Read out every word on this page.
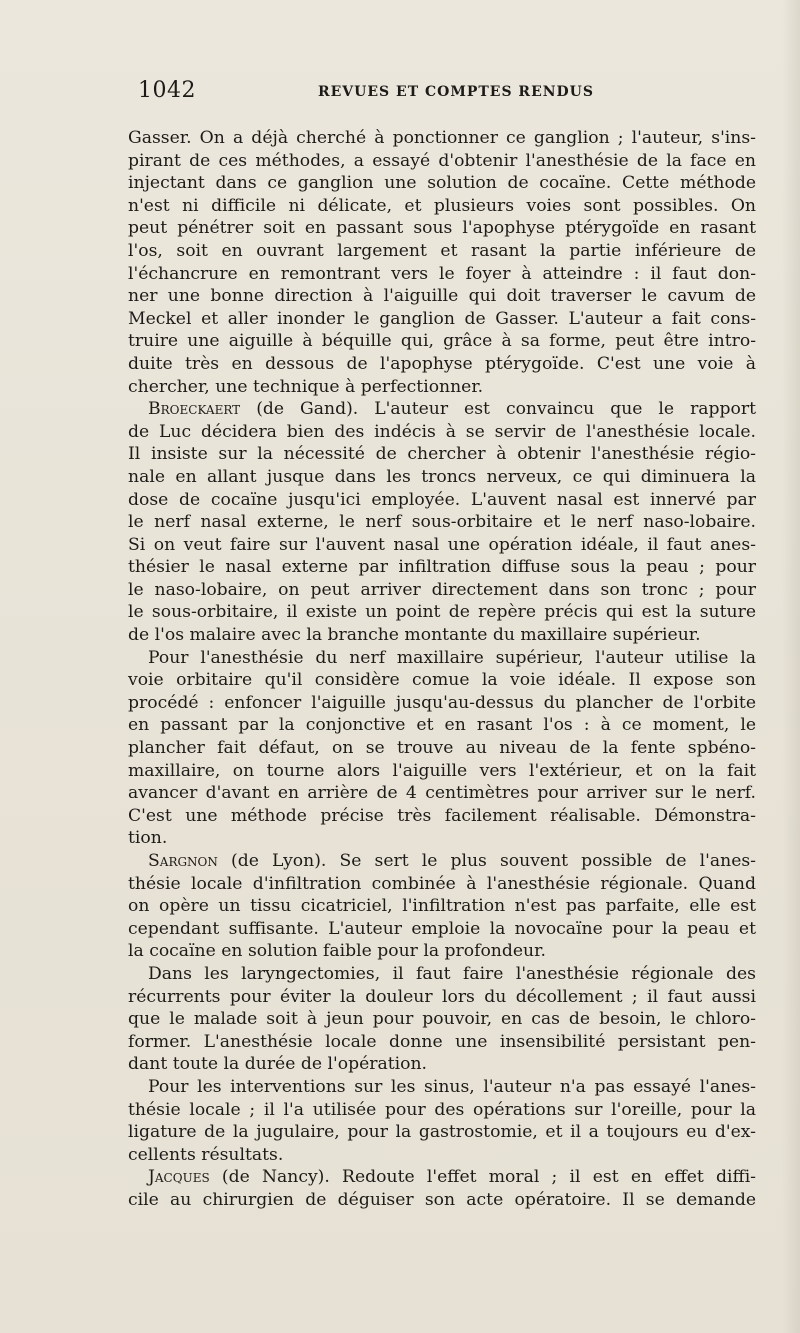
1042	REVUES ET COMPTES RENDUS
Gasser. On a déjà cherché à ponctionner ce ganglion ; l'auteur, s'ins-
pirant de ces méthodes, a essayé d'obtenir l'anesthésie de la face en
injectant dans ce ganglion une solution de cocaïne. Cette méthode
n'est ni difficile ni délicate, et plusieurs voies sont possibles. On
peut pénétrer soit en passant sous l'apophyse ptérygoïde en rasant
l'os, soit en ouvrant largement et rasant la partie inférieure de
l'échancrure en remontrant vers le foyer à atteindre : il faut don-
ner une bonne direction à l'aiguille qui doit traverser le cavum de
Meckel et aller inonder le ganglion de Gasser. L'auteur a fait cons-
truire une aiguille à béquille qui, grâce à sa forme, peut être intro-
duite très en dessous de l'apophyse ptérygoïde. C'est une voie à
chercher, une technique à perfectionner.
Broeckaert (de Gand). L'auteur est convaincu que le rapport
de Luc décidera bien des indécis à se servir de l'anesthésie locale.
Il insiste sur la nécessité de chercher à obtenir l'anesthésie régio-
nale en allant jusque dans les troncs nerveux, ce qui diminuera la
dose de cocaïne jusqu'ici employée. L'auvent nasal est innervé par
le nerf nasal externe, le nerf sous-orbitaire et le nerf naso-lobaire.
Si on veut faire sur l'auvent nasal une opération idéale, il faut anes-
thésier le nasal externe par infiltration diffuse sous la peau ; pour
le naso-lobaire, on peut arriver directement dans son tronc ; pour
le sous-orbitaire, il existe un point de repère précis qui est la suture
de l'os malaire avec la branche montante du maxillaire supérieur.
Pour l'anesthésie du nerf maxillaire supérieur, l'auteur utilise la
voie orbitaire qu'il considère comue la voie idéale. Il expose son
procédé : enfoncer l'aiguille jusqu'au-dessus du plancher de l'orbite
en passant par la conjonctive et en rasant l'os : à ce moment, le
plancher fait défaut, on se trouve au niveau de la fente spbéno-
maxillaire, on tourne alors l'aiguille vers l'extérieur, et on la fait
avancer d'avant en arrière de 4 centimètres pour arriver sur le nerf.
C'est une méthode précise très facilement réalisable. Démonstra-
tion.
Sargnon (de Lyon). Se sert le plus souvent possible de l'anes-
thésie locale d'infiltration combinée à l'anesthésie régionale. Quand
on opère un tissu cicatriciel, l'infiltration n'est pas parfaite, elle est
cependant suffisante. L'auteur emploie la novocaïne pour la peau et
la cocaïne en solution faible pour la profondeur.
Dans les laryngectomies, il faut faire l'anesthésie régionale des
récurrents pour éviter la douleur lors du décollement ; il faut aussi
que le malade soit à jeun pour pouvoir, en cas de besoin, le chloro-
former. L'anesthésie locale donne une insensibilité persistant pen-
dant toute la durée de l'opération.
Pour les interventions sur les sinus, l'auteur n'a pas essayé l'anes-
thésie locale ; il l'a utilisée pour des opérations sur l'oreille, pour la
ligature de la jugulaire, pour la gastrostomie, et il a toujours eu d'ex-
cellents résultats.
Jacques (de Nancy). Redoute l'effet moral ; il est en effet diffi-
cile au chirurgien de déguiser son acte opératoire. Il se demande
